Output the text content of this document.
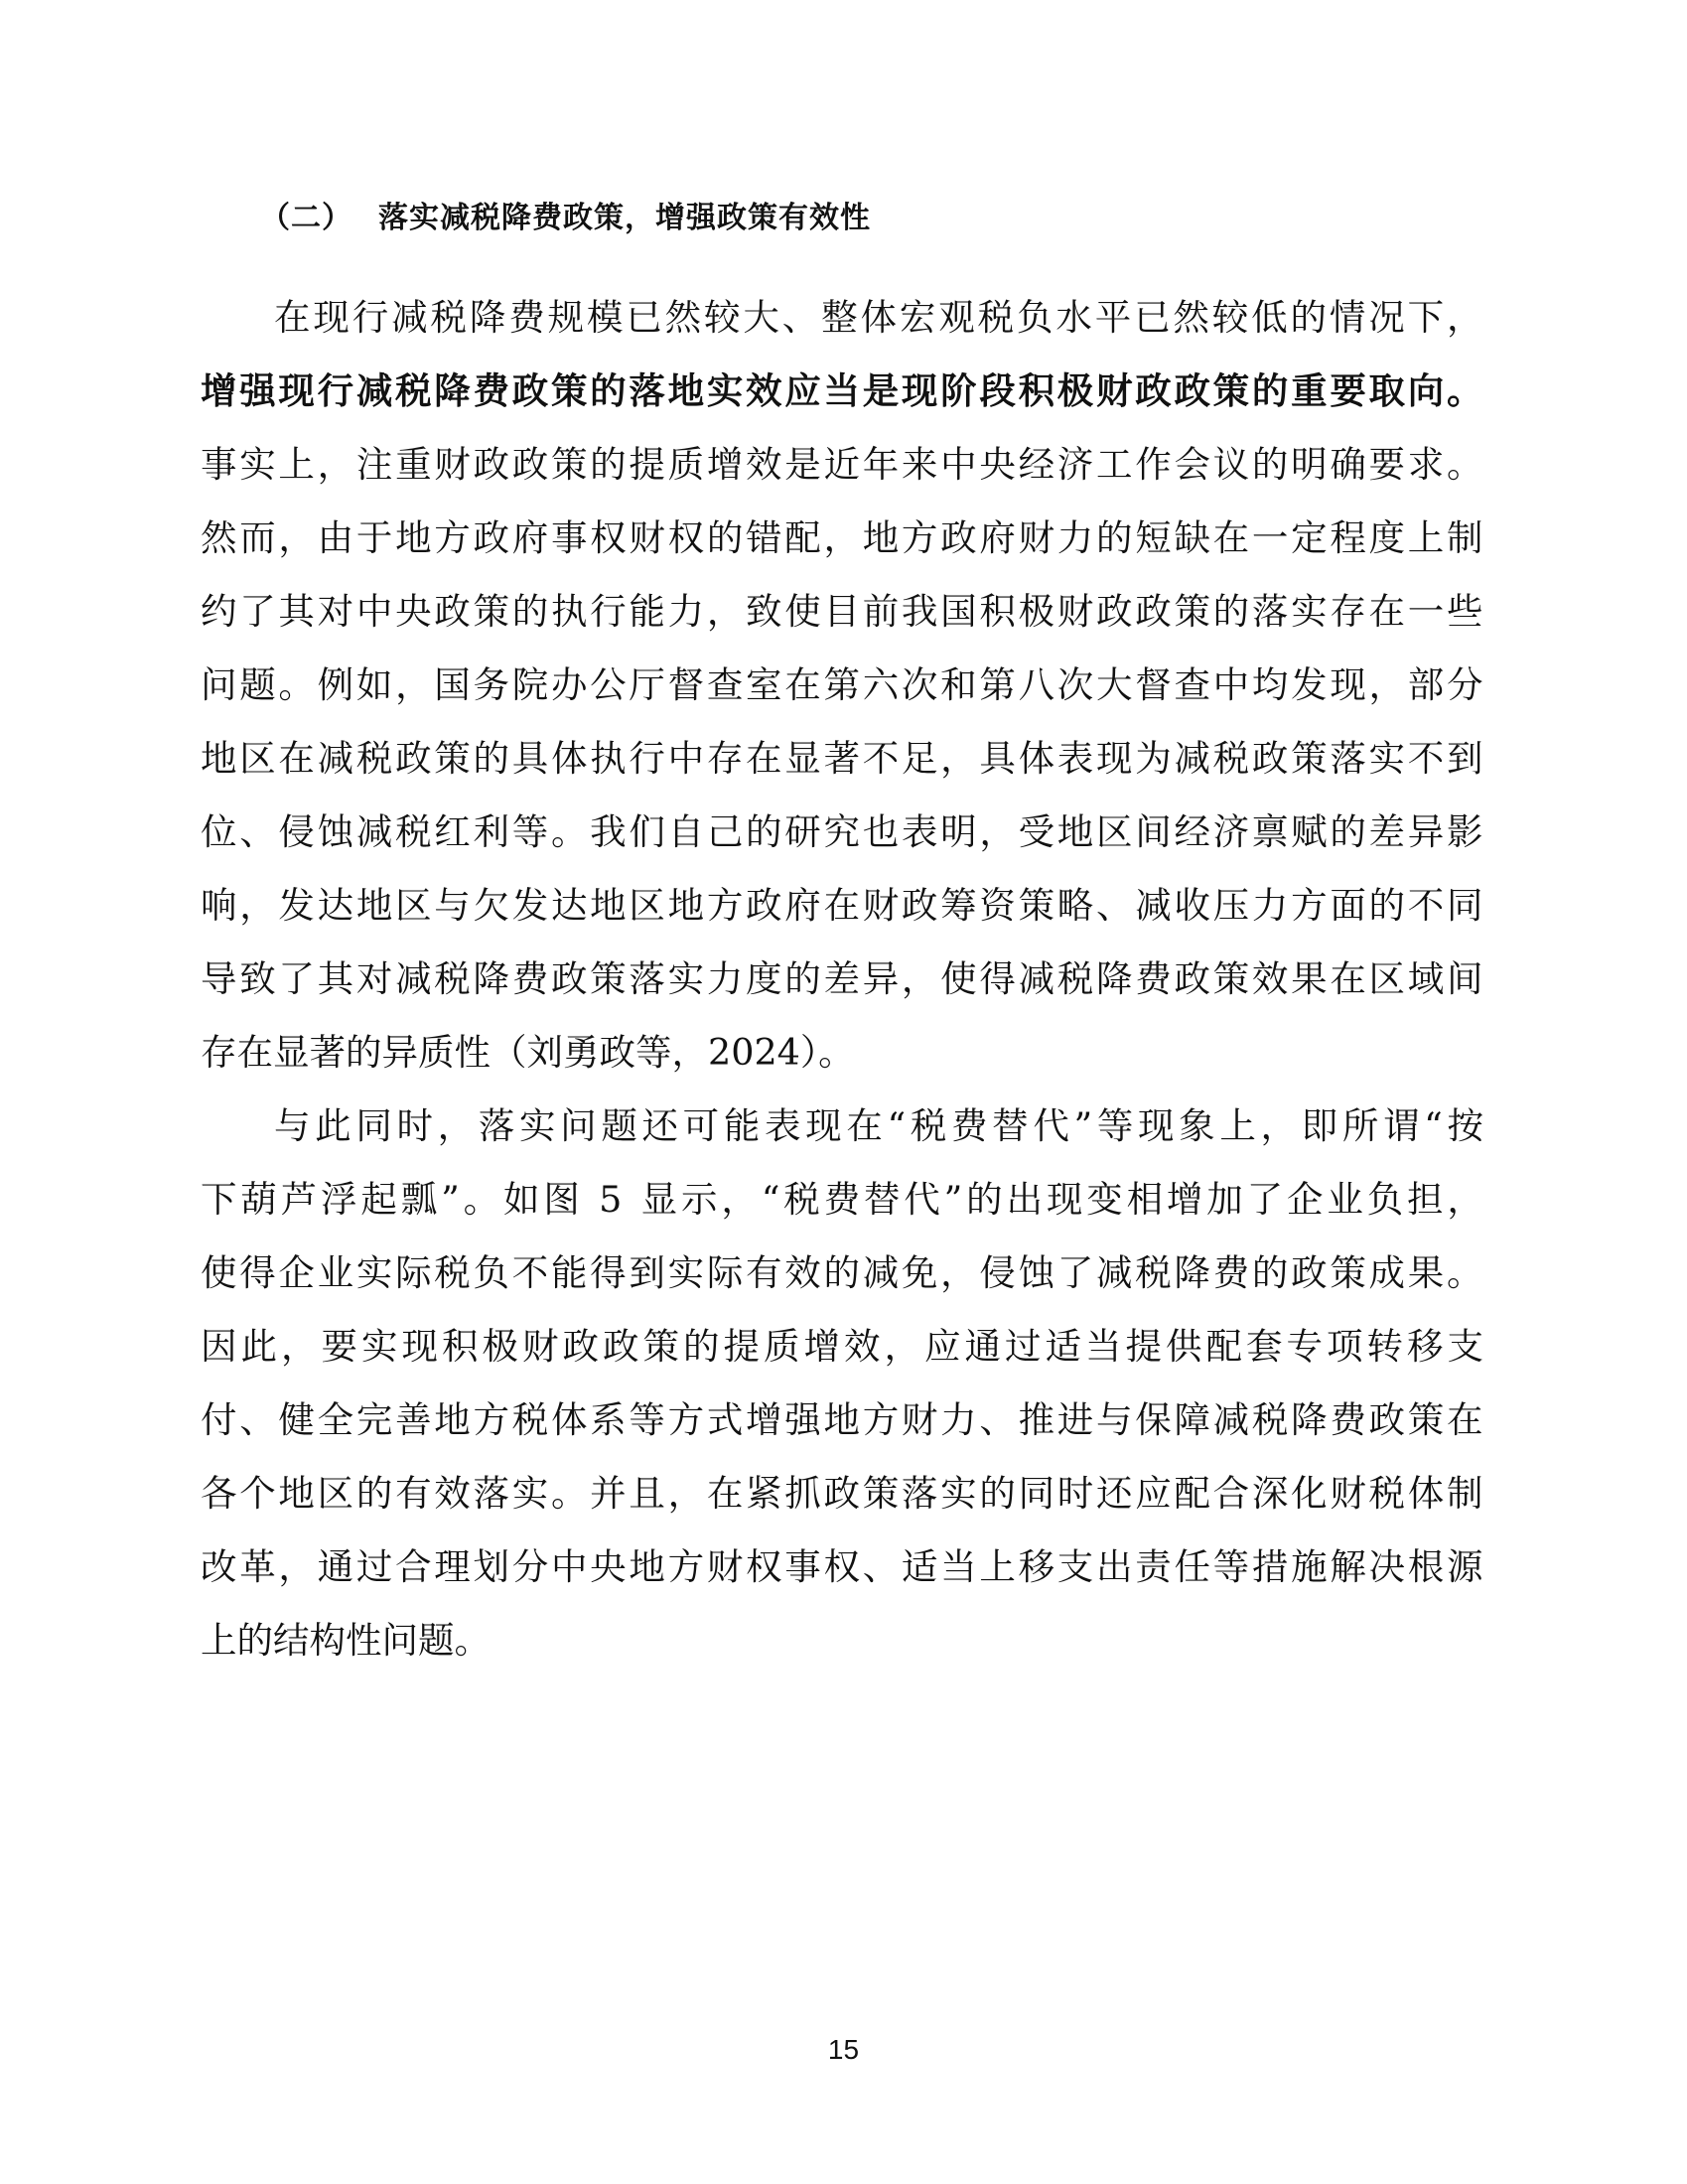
（二） 落实减税降费政策，增强政策有效性
在现行减税降费规模已然较大、整体宏观税负水平已然较低的情况下，
增强现行减税降费政策的落地实效应当是现阶段积极财政政策的重要取向。
事实上，注重财政政策的提质增效是近年来中央经济工作会议的明确要求。
然而，由于地方政府事权财权的错配，地方政府财力的短缺在一定程度上制
约了其对中央政策的执行能力，致使目前我国积极财政政策的落实存在一些
问题。例如，国务院办公厅督查室在第六次和第八次大督查中均发现，部分
地区在减税政策的具体执行中存在显著不足，具体表现为减税政策落实不到
位、侵蚀减税红利等。我们自己的研究也表明，受地区间经济禀赋的差异影
响，发达地区与欠发达地区地方政府在财政筹资策略、减收压力方面的不同
导致了其对减税降费政策落实力度的差异，使得减税降费政策效果在区域间
存在显著的异质性（刘勇政等，2024）。
与此同时，落实问题还可能表现在“税费替代”等现象上，即所谓“按
下葫芦浮起瓢”。如图 5 显示，“税费替代”的出现变相增加了企业负担，
使得企业实际税负不能得到实际有效的减免，侵蚀了减税降费的政策成果。
因此，要实现积极财政政策的提质增效，应通过适当提供配套专项转移支
付、健全完善地方税体系等方式增强地方财力、推进与保障减税降费政策在
各个地区的有效落实。并且，在紧抓政策落实的同时还应配合深化财税体制
改革，通过合理划分中央地方财权事权、适当上移支出责任等措施解决根源
上的结构性问题。
15
